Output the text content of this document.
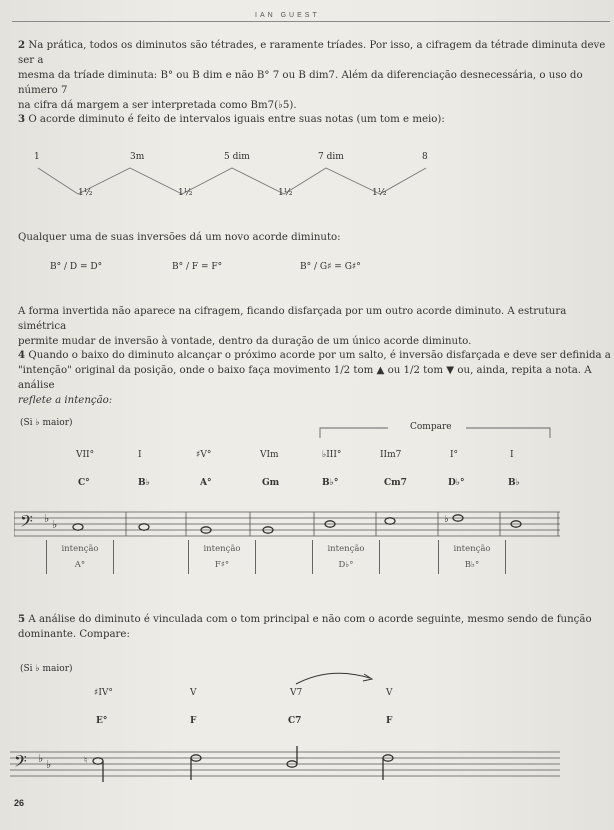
IAN GUEST
2 Na prática, todos os diminutos são tétrades, e raramente tríades. Por isso, a cifragem da tétrade diminuta deve ser a
mesma da tríade diminuta: B° ou B dim e não B° 7 ou B dim7. Além da diferenciação desnecessária, o uso do número 7
na cifra dá margem a ser interpretada como Bm7(♭5).
3 O acorde diminuto é feito de intervalos iguais entre suas notas (um tom e meio):
1	3m	5 dim	7 dim	8
1½	1½	1½	1½
Qualquer uma de suas inversões dá um novo acorde diminuto:
B° / D = D°	B° / F = F°	B° / G♯ = G♯°
A forma invertida não aparece na cifragem, ficando disfarçada por um outro acorde diminuto. A estrutura simétrica
permite mudar de inversão à vontade, dentro da duração de um único acorde diminuto.
4 Quando o baixo do diminuto alcançar o próximo acorde por um salto, é inversão disfarçada e deve ser definida a
"intenção" original da posição, onde o baixo faça movimento 1/2 tom ▲ ou 1/2 tom ▼ ou, ainda, repita a nota. A análise
reflete a intenção:
(Si ♭ maior)	Compare
VII°	I	♯V°	VIm	♭III°	IIm7	I°	I
C°	B♭	A°	Gm	B♭°	Cm7	D♭°	B♭
𝄢 ♭ ♭	♭
intenção
A°
intenção
F♯°
intenção
D♭°
intenção
B♭°
5 A análise do diminuto é vinculada com o tom principal e não com o acorde seguinte, mesmo sendo de função
dominante. Compare:
(Si ♭ maior)
♯IV°	V	V7	V
E°	F	C7	F
𝄢 ♭ ♭	♮
26
